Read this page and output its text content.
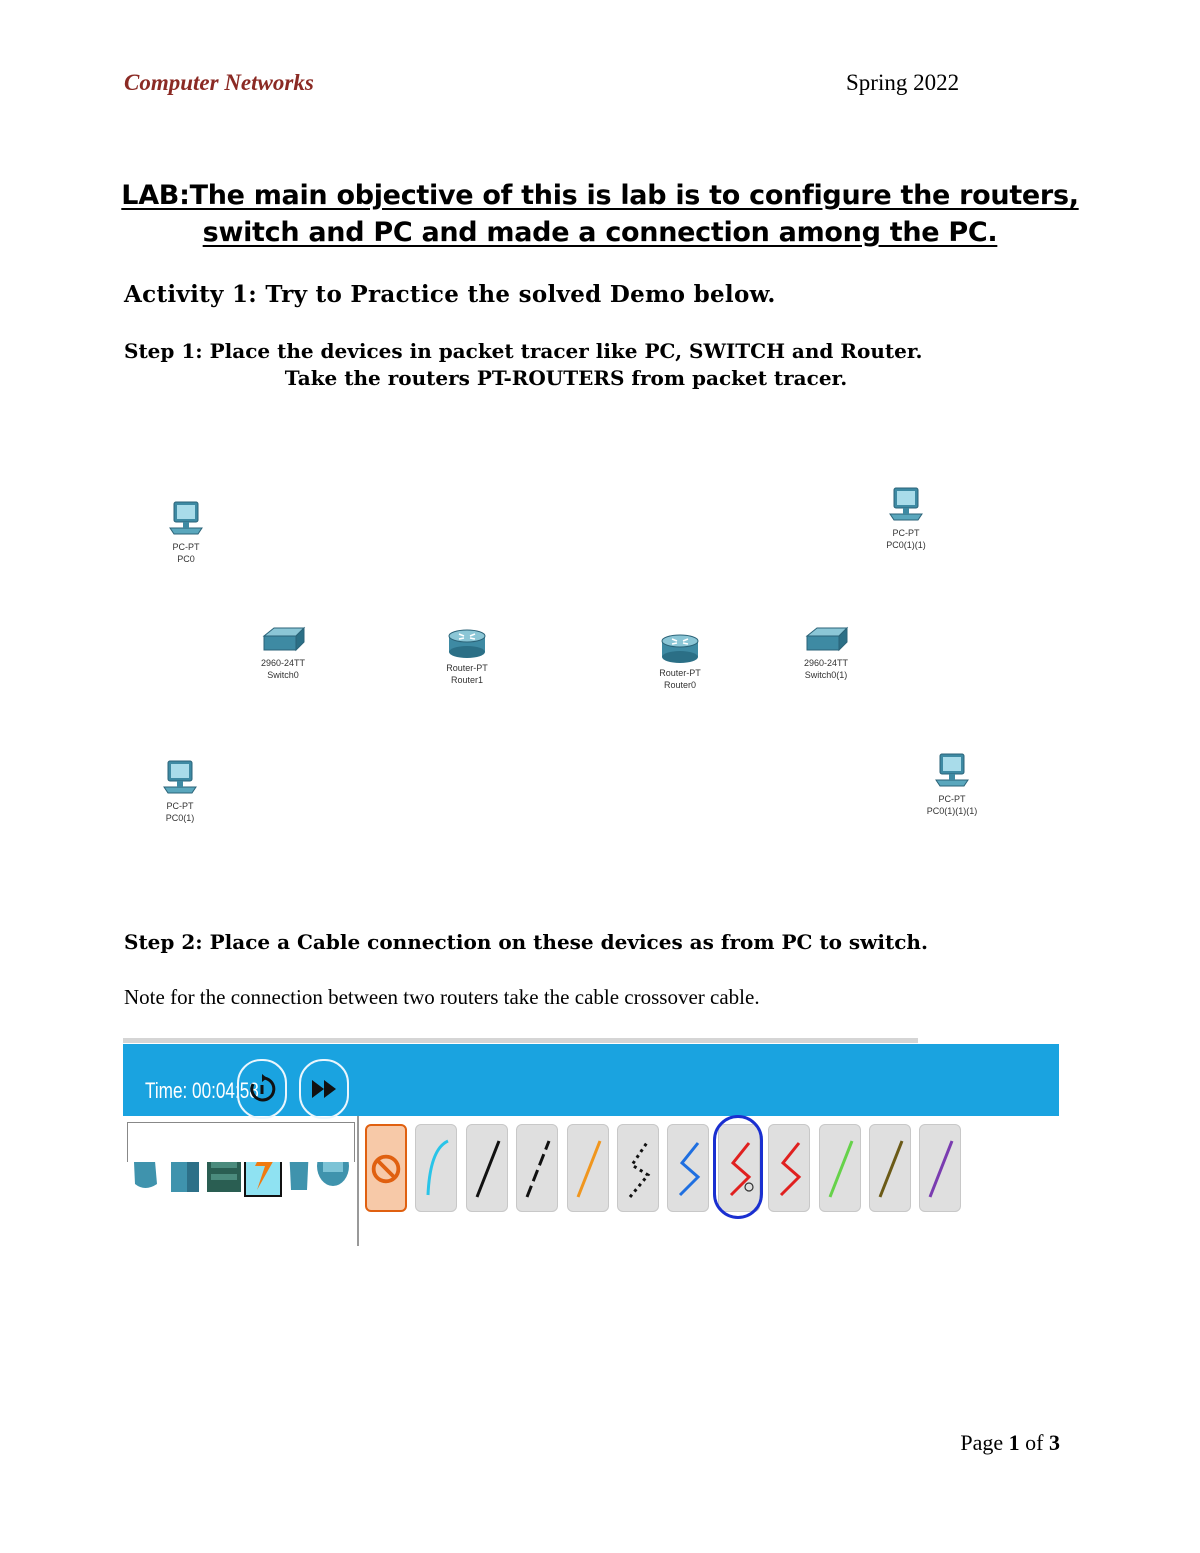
Computer Networks	Spring 2022
LAB:The main objective of this is lab is to configure the routers,
switch and PC and made a connection among the PC.
Activity 1: Try to Practice the solved Demo below.
Step 1: Place the devices in packet tracer like PC, SWITCH and Router.
Take the routers PT-ROUTERS from packet tracer.
PC-PT
PC0
PC-PT
PC0(1)(1)
2960-24TT
Switch0
Router-PT
Router1
Router-PT
Router0
2960-24TT
Switch0(1)
PC-PT
PC0(1)
PC-PT
PC0(1)(1)(1)
Step 2: Place a Cable connection on these devices as from PC to switch.
Note for the connection between two routers take the cable crossover cable.
Time: 00:04:58
Page 1 of 3
